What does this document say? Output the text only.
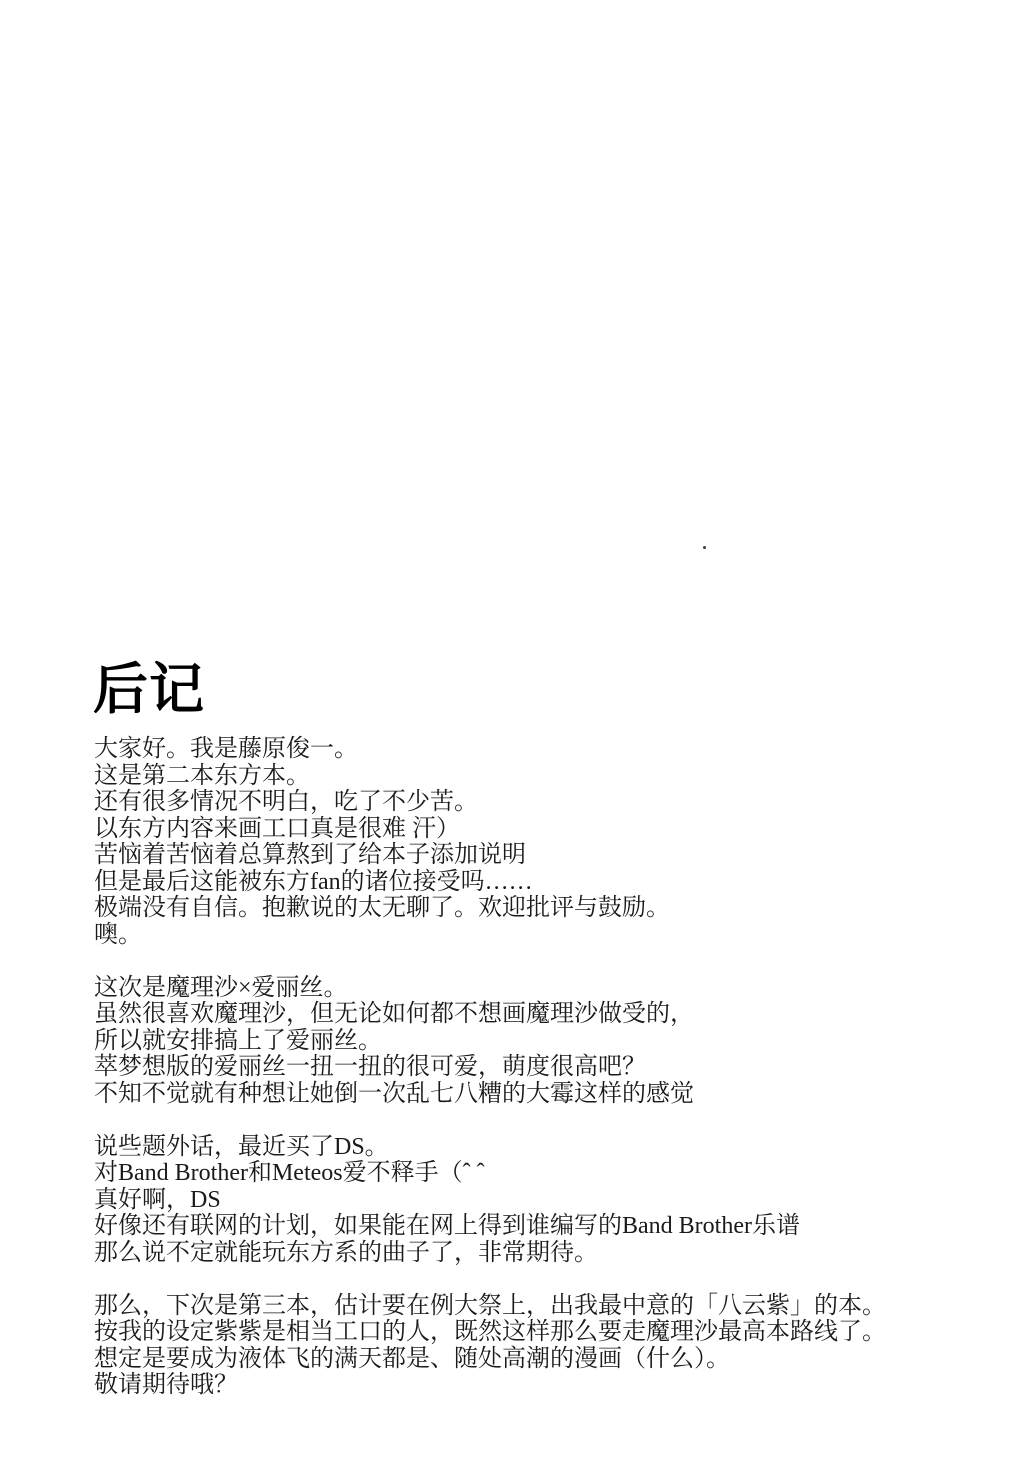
后记

大家好。我是藤原俊一。
这是第二本东方本。
还有很多情况不明白，吃了不少苦。
以东方内容来画工口真是很难 汗）
苦恼着苦恼着总算熬到了给本子添加说明
但是最后这能被东方fan的诸位接受吗……
极端没有自信。抱歉说的太无聊了。欢迎批评与鼓励。
噢。

这次是魔理沙×爱丽丝。
虽然很喜欢魔理沙，但无论如何都不想画魔理沙做受的，
所以就安排搞上了爱丽丝。
萃梦想版的爱丽丝一扭一扭的很可爱，萌度很高吧？
不知不觉就有种想让她倒一次乱七八糟的大霉这样的感觉

说些题外话，最近买了DS。
对Band Brother和Meteos爱不释手（ˆ ˆ
真好啊，DS
好像还有联网的计划，如果能在网上得到谁编写的Band Brother乐谱
那么说不定就能玩东方系的曲子了，非常期待。

那么，下次是第三本，估计要在例大祭上，出我最中意的「八云紫」的本。
按我的设定紫紫是相当工口的人，既然这样那么要走魔理沙最高本路线了。
想定是要成为液体飞的满天都是、随处高潮的漫画（什么）。
敬请期待哦？
